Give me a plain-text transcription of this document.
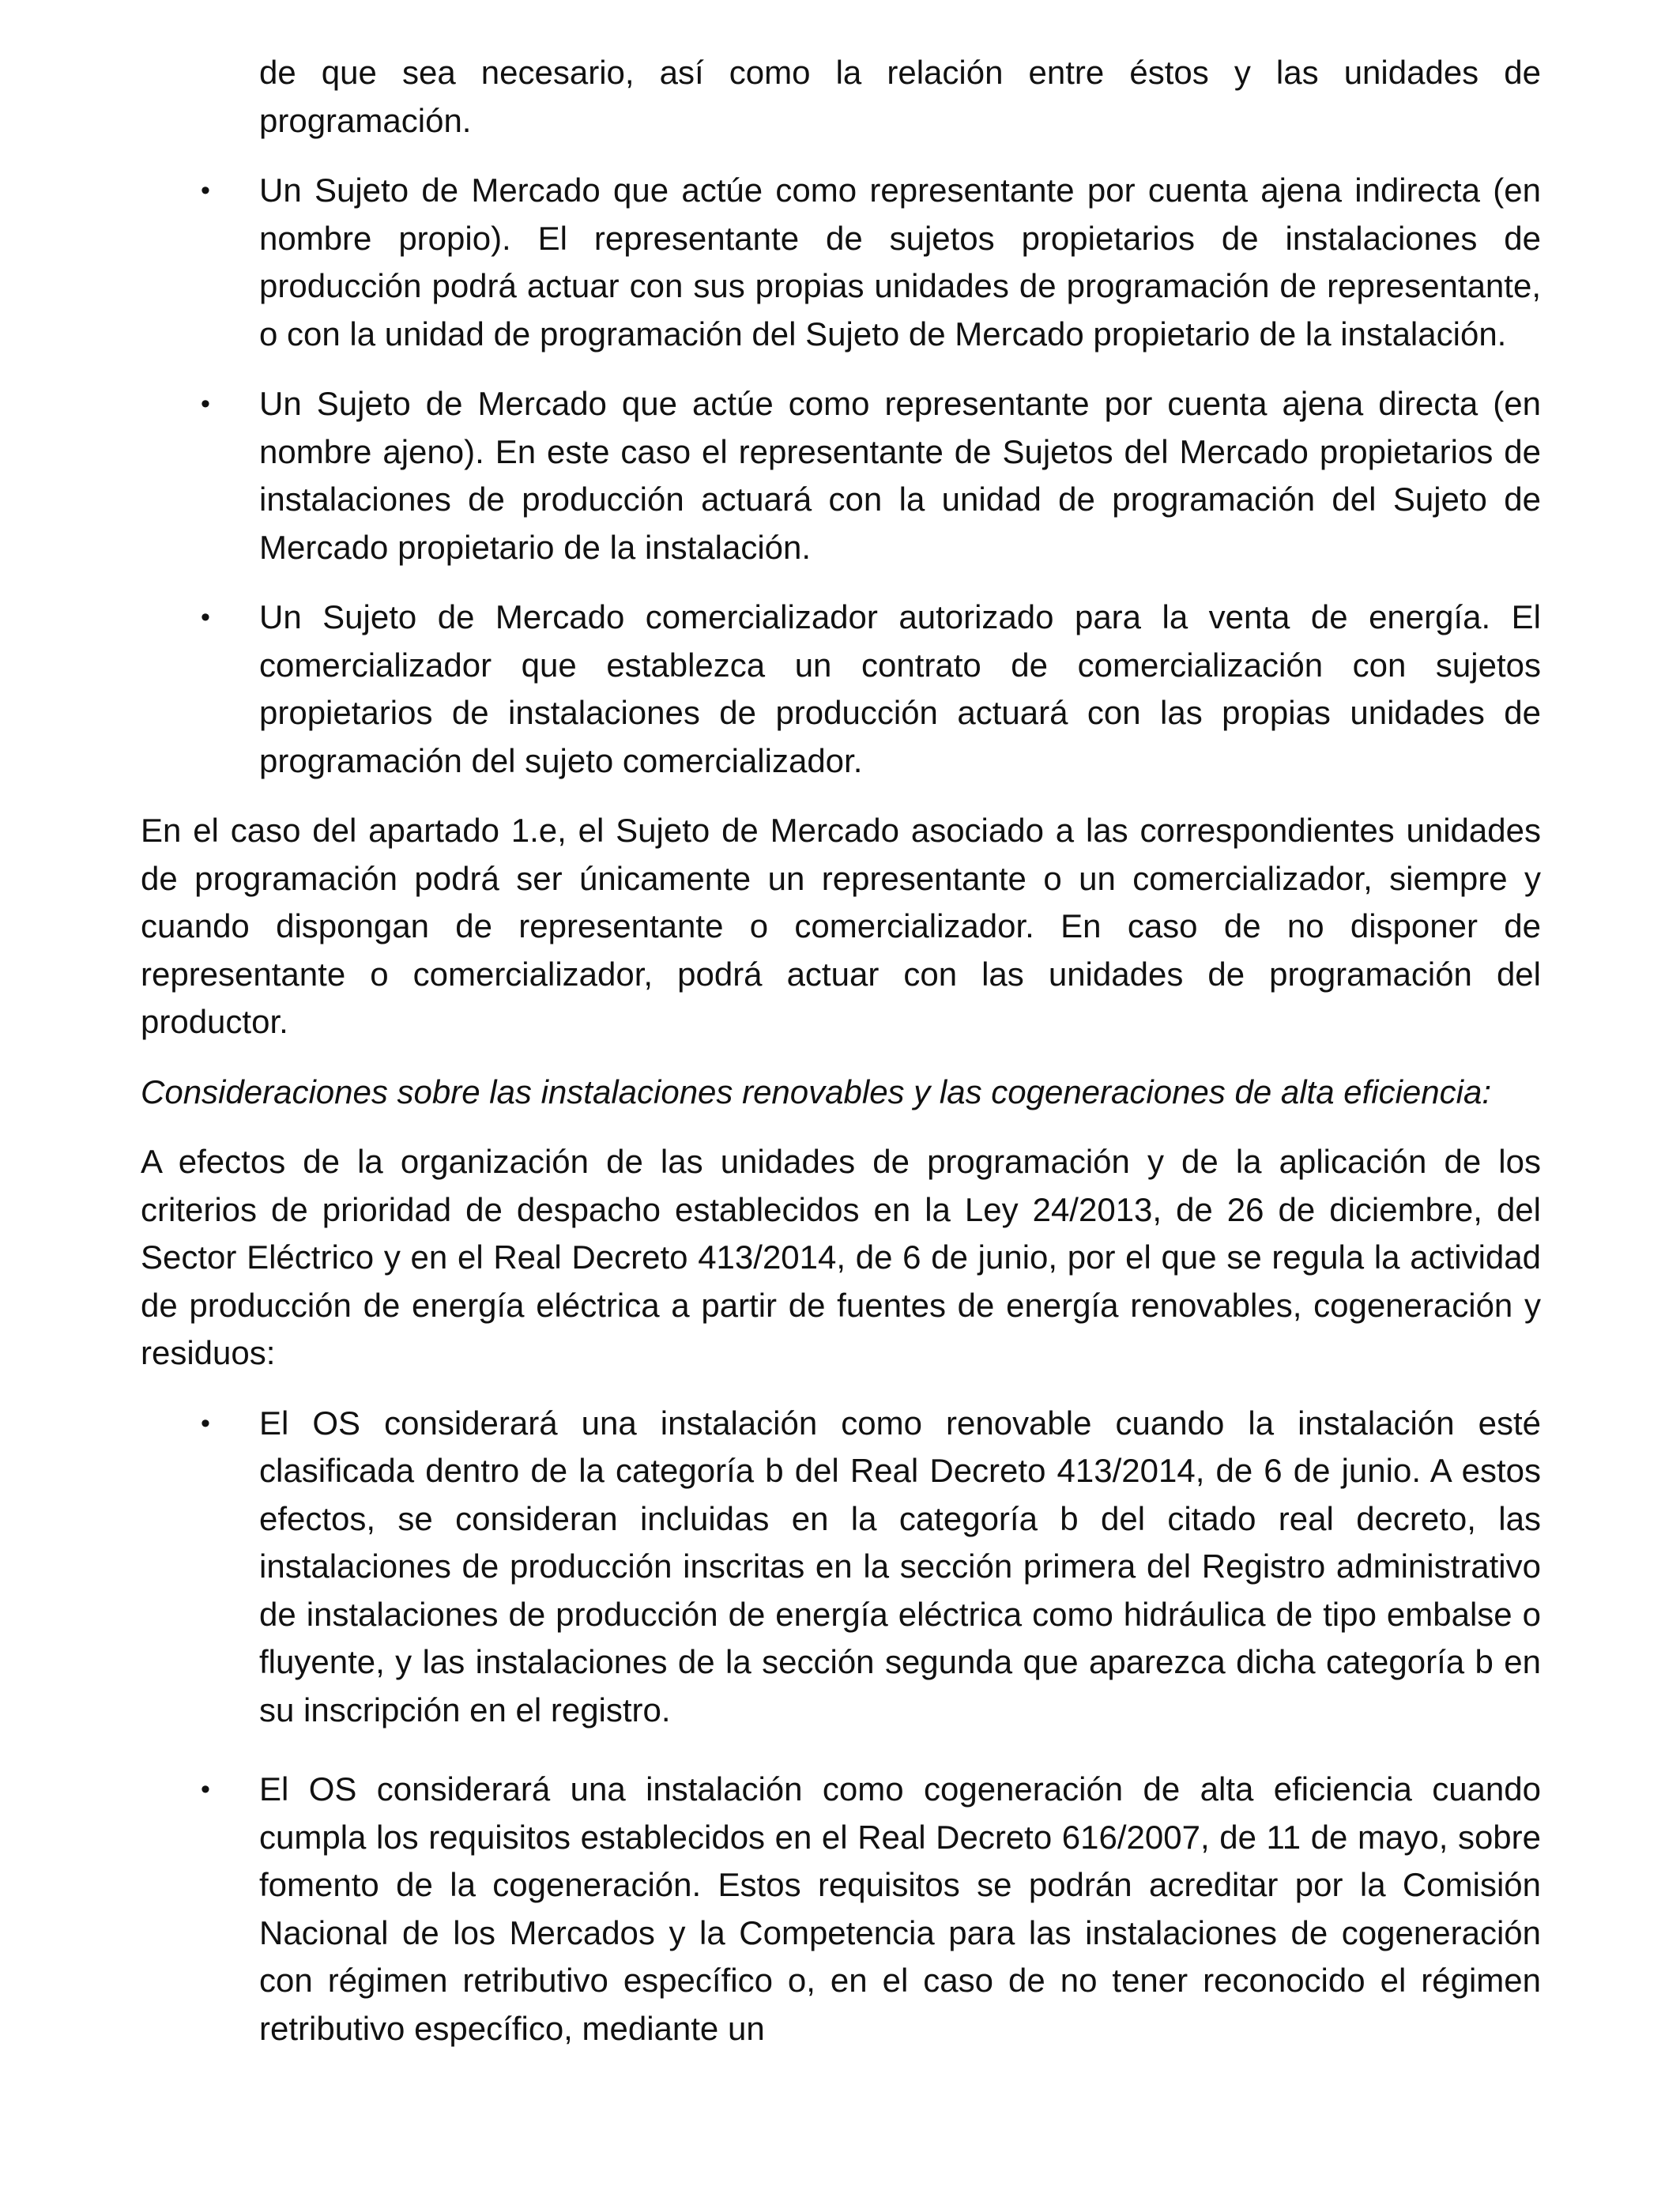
de que sea necesario, así como la relación entre éstos y las unidades de programación.

• Un Sujeto de Mercado que actúe como representante por cuenta ajena indirecta (en nombre propio). El representante de sujetos propietarios de instalaciones de producción podrá actuar con sus propias unidades de programación de representante, o con la unidad de programación del Sujeto de Mercado propietario de la instalación.
• Un Sujeto de Mercado que actúe como representante por cuenta ajena directa (en nombre ajeno). En este caso el representante de Sujetos del Mercado propietarios de instalaciones de producción actuará con la unidad de programación del Sujeto de Mercado propietario de la instalación.
• Un Sujeto de Mercado comercializador autorizado para la venta de energía. El comercializador que establezca un contrato de comercialización con sujetos propietarios de instalaciones de producción actuará con las propias unidades de programación del sujeto comercializador.

En el caso del apartado 1.e, el Sujeto de Mercado asociado a las correspondientes unidades de programación podrá ser únicamente un representante o un comercializador, siempre y cuando dispongan de representante o comercializador. En caso de no disponer de representante o comercializador, podrá actuar con las unidades de programación del productor.

Consideraciones sobre las instalaciones renovables y las cogeneraciones de alta eficiencia:

A efectos de la organización de las unidades de programación y de la aplicación de los criterios de prioridad de despacho establecidos en la Ley 24/2013, de 26 de diciembre, del Sector Eléctrico y en el Real Decreto 413/2014, de 6 de junio, por el que se regula la actividad de producción de energía eléctrica a partir de fuentes de energía renovables, cogeneración y residuos:

• El OS considerará una instalación como renovable cuando la instalación esté clasificada dentro de la categoría b del Real Decreto 413/2014, de 6 de junio. A estos efectos, se consideran incluidas en la categoría b del citado real decreto, las instalaciones de producción inscritas en la sección primera del Registro administrativo de instalaciones de producción de energía eléctrica como hidráulica de tipo embalse o fluyente, y las instalaciones de la sección segunda que aparezca dicha categoría b en su inscripción en el registro.
• El OS considerará una instalación como cogeneración de alta eficiencia cuando cumpla los requisitos establecidos en el Real Decreto 616/2007, de 11 de mayo, sobre fomento de la cogeneración. Estos requisitos se podrán acreditar por la Comisión Nacional de los Mercados y la Competencia para las instalaciones de cogeneración con régimen retributivo específico o, en el caso de no tener reconocido el régimen retributivo específico, mediante un
